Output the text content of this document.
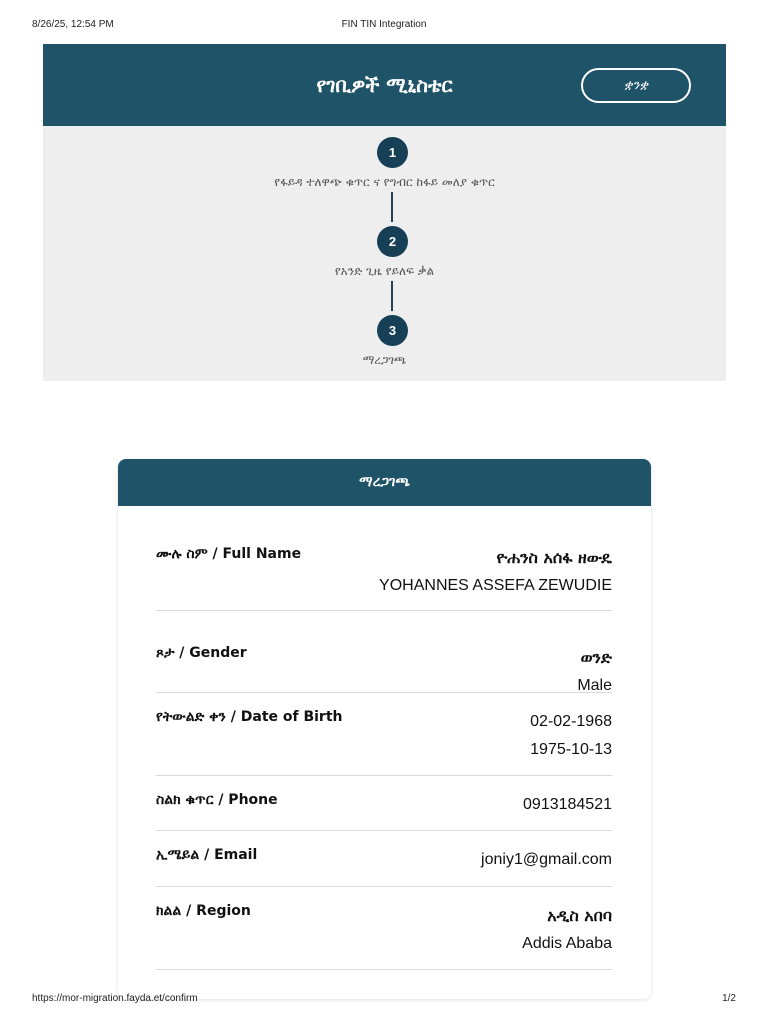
8/26/25, 12:54 PM	FIN TIN Integration
የገቢዎች ሚኒስቴር	ቋንቋ
1
የፋይዳ ተለዋጭ ቁጥር ና የግብር ከፋይ መለያ ቁጥር
2
የአንድ ጊዜ የይለፍ ቃል
3
ማረጋገጫ
ማረጋገጫ
ሙሉ ስም / Full Name	ዮሐንስ አሰፋ ዘውዴ
YOHANNES ASSEFA ZEWUDIE
ጾታ / Gender	ወንድ
Male
የትውልድ ቀን / Date of Birth	02-02-1968
1975-10-13
ስልክ ቁጥር / Phone	0913184521
ኢሜይል / Email	joniy1@gmail.com
ክልል / Region	አዲስ አበባ
Addis Ababa
https://mor-migration.fayda.et/confirm	1/2
